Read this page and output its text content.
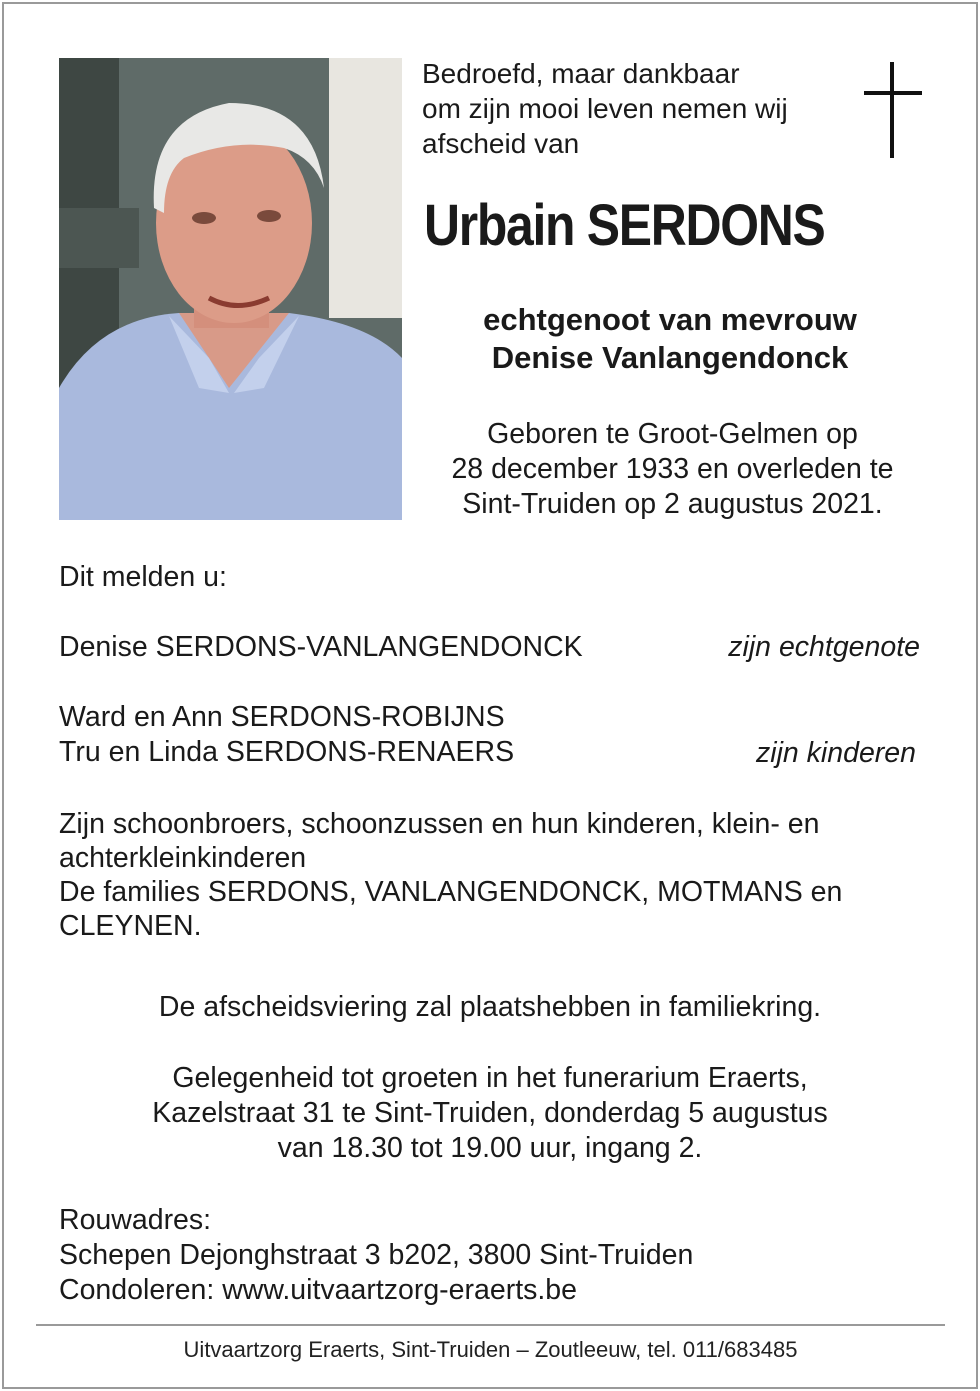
Bedroefd, maar dankbaar
om zijn mooi leven nemen wij
afscheid van
Urbain SERDONS
echtgenoot van mevrouw
Denise Vanlangendonck
Geboren te Groot-Gelmen op
28 december 1933 en overleden te
Sint-Truiden op 2 augustus 2021.
Dit melden u:
Denise SERDONS-VANLANGENDONCK	zijn echtgenote
Ward en Ann SERDONS-ROBIJNS
Tru en Linda SERDONS-RENAERS	zijn kinderen
Zijn schoonbroers, schoonzussen en hun kinderen, klein- en
achterkleinkinderen
De families SERDONS, VANLANGENDONCK, MOTMANS en
CLEYNEN.
De afscheidsviering zal plaatshebben in familiekring.
Gelegenheid tot groeten in het funerarium Eraerts,
Kazelstraat 31 te Sint-Truiden, donderdag 5 augustus
van 18.30 tot 19.00 uur, ingang 2.
Rouwadres:
Schepen Dejonghstraat 3 b202, 3800 Sint-Truiden
Condoleren: www.uitvaartzorg-eraerts.be
Uitvaartzorg Eraerts, Sint-Truiden – Zoutleeuw, tel. 011/683485
